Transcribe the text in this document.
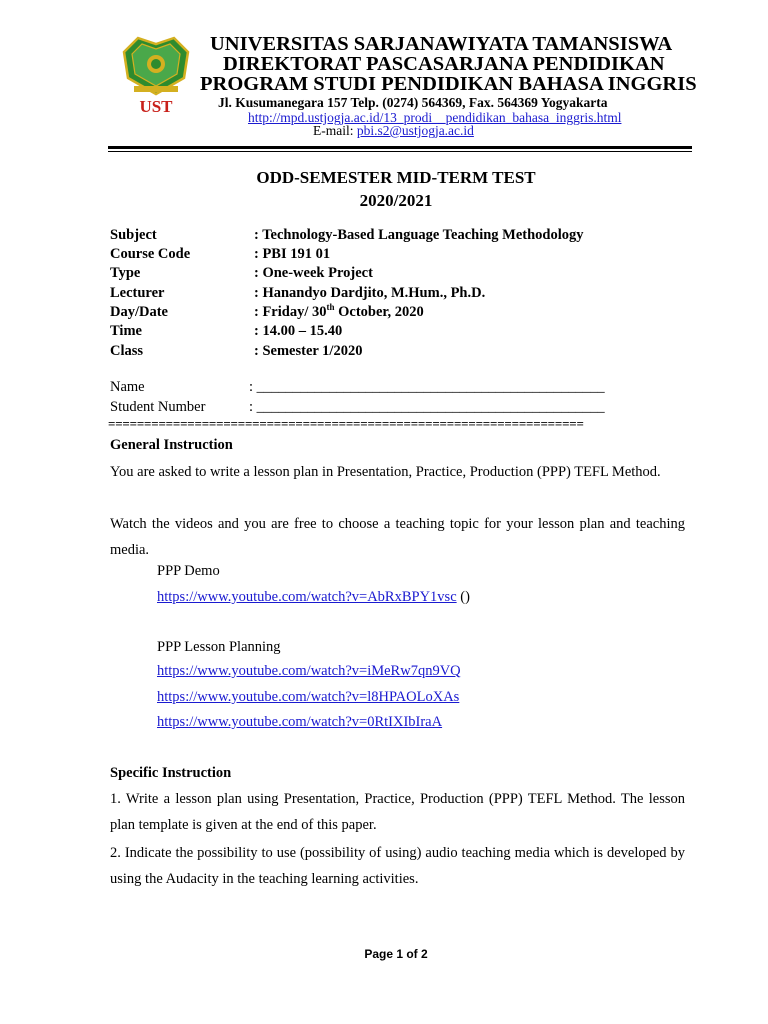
UST
UNIVERSITAS SARJANAWIYATA TAMANSISWA
DIREKTORAT PASCASARJANA PENDIDIKAN
PROGRAM STUDI PENDIDIKAN BAHASA INGGRIS
Jl. Kusumanegara 157 Telp. (0274) 564369, Fax. 564369 Yogyakarta
http://mpd.ustjogja.ac.id/13_prodi__pendidikan_bahasa_inggris.html
E-mail: pbi.s2@ustjogja.ac.id
ODD-SEMESTER MID-TERM TEST
2020/2021
Subject	: Technology-Based Language Teaching Methodology
Course Code	: PBI 191 01
Type	: One-week Project
Lecturer	: Hanandyo Dardjito, M.Hum., Ph.D.
Day/Date	: Friday/ 30th October, 2020
Time	: 14.00 – 15.40
Class	: Semester 1/2020
Name	: ________________________________________________
Student Number	: ________________________________________________
==================================================================
General Instruction
You are asked to write a lesson plan in Presentation, Practice, Production (PPP) TEFL Method.
Watch the videos and you are free to choose a teaching topic for your lesson plan and teaching media.
PPP Demo
https://www.youtube.com/watch?v=AbRxBPY1vsc ()
PPP Lesson Planning
https://www.youtube.com/watch?v=iMeRw7qn9VQ
https://www.youtube.com/watch?v=l8HPAOLoXAs
https://www.youtube.com/watch?v=0RtIXIbIraA
Specific Instruction
1. Write a lesson plan using Presentation, Practice, Production (PPP) TEFL Method. The lesson plan template is given at the end of this paper.
2. Indicate the possibility to use (possibility of using) audio teaching media which is developed by using the Audacity in the teaching learning activities.
Page 1 of 2
